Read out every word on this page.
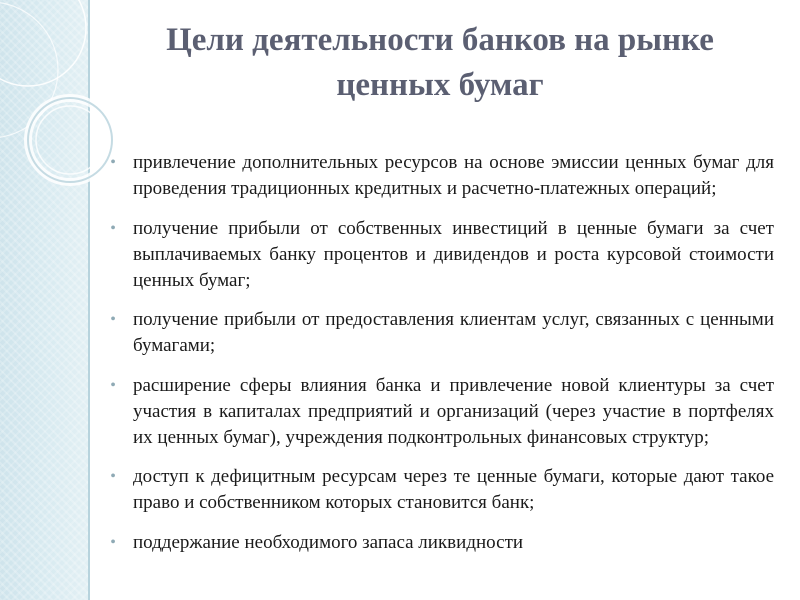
Цели деятельности банков на рынке ценных бумаг
• привлечение дополнительных ресурсов на основе эмиссии ценных бумаг для проведения традиционных кредитных и расчетно-платежных операций;
• получение прибыли от собственных инвестиций в ценные бумаги за счет выплачиваемых банку процентов и дивидендов и роста курсовой стоимости ценных бумаг;
• получение прибыли от предоставления клиентам услуг, связанных с ценными бумагами;
• расширение сферы влияния банка и привлечение новой клиентуры за счет участия в капиталах предприятий и организаций (через участие в портфелях их ценных бумаг), учреждения подконтрольных финансовых структур;
• доступ к дефицитным ресурсам через те ценные бумаги, которые дают такое право и собственником которых становится банк;
• поддержание необходимого запаса ликвидности
